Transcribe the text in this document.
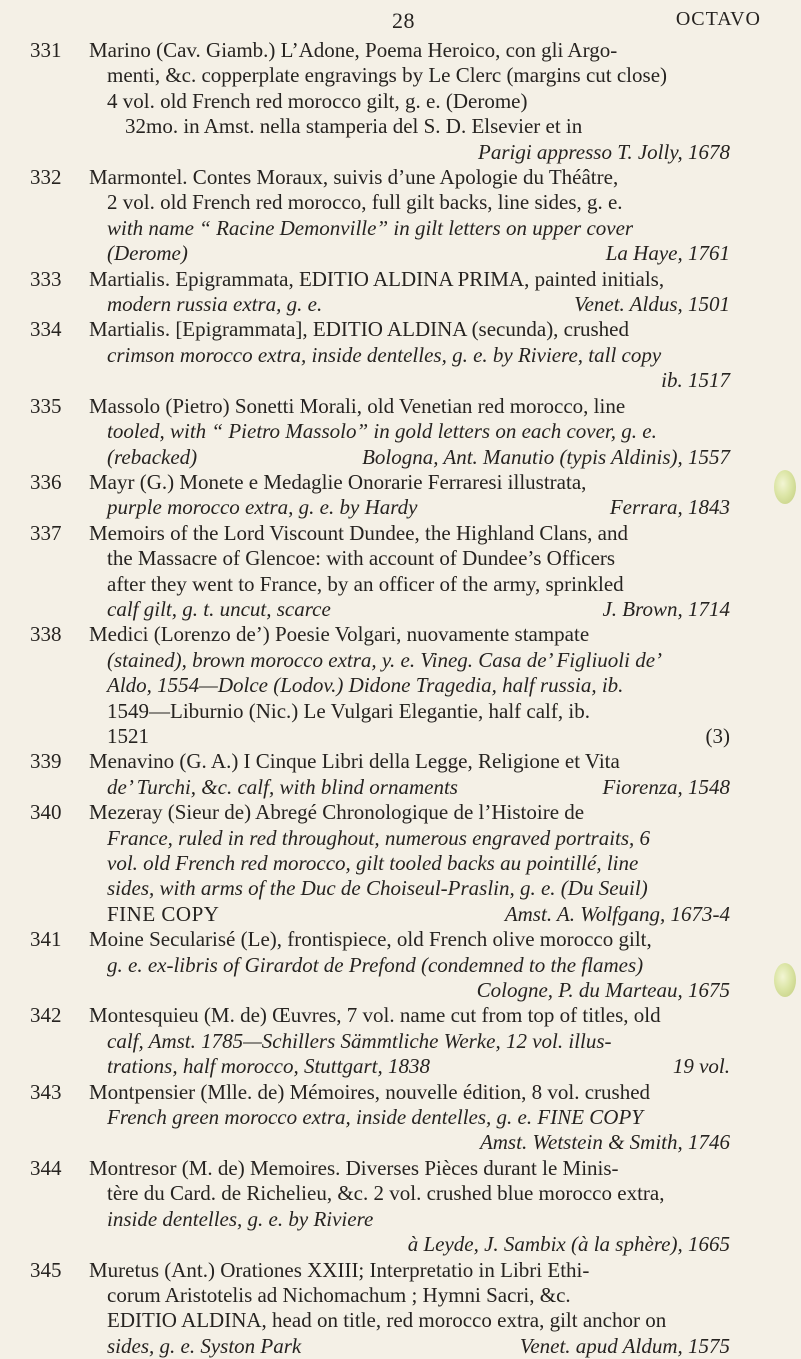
28	OCTAVO
331	Marino (Cav. Giamb.) L’Adone, Poema Heroico, con gli Argo-
menti, &c. copperplate engravings by Le Clerc (margins cut close)
4 vol. old French red morocco gilt, g. e. (Derome)
32mo. in Amst. nella stamperia del S. D. Elsevier et in
Parigi appresso T. Jolly, 1678
332	Marmontel. Contes Moraux, suivis d’une Apologie du Théâtre,
2 vol. old French red morocco, full gilt backs, line sides, g. e.
with name “ Racine Demonville” in gilt letters on upper cover
(Derome)	La Haye, 1761
333	Martialis. Epigrammata, EDITIO ALDINA PRIMA, painted initials,
modern russia extra, g. e.	Venet. Aldus, 1501
334	Martialis. [Epigrammata], EDITIO ALDINA (secunda), crushed
crimson morocco extra, inside dentelles, g. e. by Riviere, tall copy
ib. 1517
335	Massolo (Pietro) Sonetti Morali, old Venetian red morocco, line
tooled, with “ Pietro Massolo” in gold letters on each cover, g. e.
(rebacked)	Bologna, Ant. Manutio (typis Aldinis), 1557
336	Mayr (G.) Monete e Medaglie Onorarie Ferraresi illustrata,
purple morocco extra, g. e. by Hardy	Ferrara, 1843
337	Memoirs of the Lord Viscount Dundee, the Highland Clans, and
the Massacre of Glencoe: with account of Dundee’s Officers
after they went to France, by an officer of the army, sprinkled
calf gilt, g. t. uncut, scarce	J. Brown, 1714
338	Medici (Lorenzo de’) Poesie Volgari, nuovamente stampate
(stained), brown morocco extra, y. e. Vineg. Casa de’ Figliuoli de’
Aldo, 1554—Dolce (Lodov.) Didone Tragedia, half russia, ib.
1549—Liburnio (Nic.) Le Vulgari Elegantie, half calf, ib.
1521	(3)
339	Menavino (G. A.) I Cinque Libri della Legge, Religione et Vita
de’ Turchi, &c. calf, with blind ornaments	Fiorenza, 1548
340	Mezeray (Sieur de) Abregé Chronologique de l’Histoire de
France, ruled in red throughout, numerous engraved portraits, 6
vol. old French red morocco, gilt tooled backs au pointillé, line
sides, with arms of the Duc de Choiseul-Praslin, g. e. (Du Seuil)
FINE COPY	Amst. A. Wolfgang, 1673-4
341	Moine Secularisé (Le), frontispiece, old French olive morocco gilt,
g. e. ex-libris of Girardot de Prefond (condemned to the flames)
Cologne, P. du Marteau, 1675
342	Montesquieu (M. de) Œuvres, 7 vol. name cut from top of titles, old
calf, Amst. 1785—Schillers Sämmtliche Werke, 12 vol. illus-
trations, half morocco, Stuttgart, 1838	19 vol.
343	Montpensier (Mlle. de) Mémoires, nouvelle édition, 8 vol. crushed
French green morocco extra, inside dentelles, g. e. FINE COPY
Amst. Wetstein & Smith, 1746
344	Montresor (M. de) Memoires. Diverses Pièces durant le Minis-
tère du Card. de Richelieu, &c. 2 vol. crushed blue morocco extra,
inside dentelles, g. e. by Riviere
à Leyde, J. Sambix (à la sphère), 1665
345	Muretus (Ant.) Orationes XXIII; Interpretatio in Libri Ethi-
corum Aristotelis ad Nichomachum ; Hymni Sacri, &c.
EDITIO ALDINA, head on title, red morocco extra, gilt anchor on
sides, g. e. Syston Park	Venet. apud Aldum, 1575
